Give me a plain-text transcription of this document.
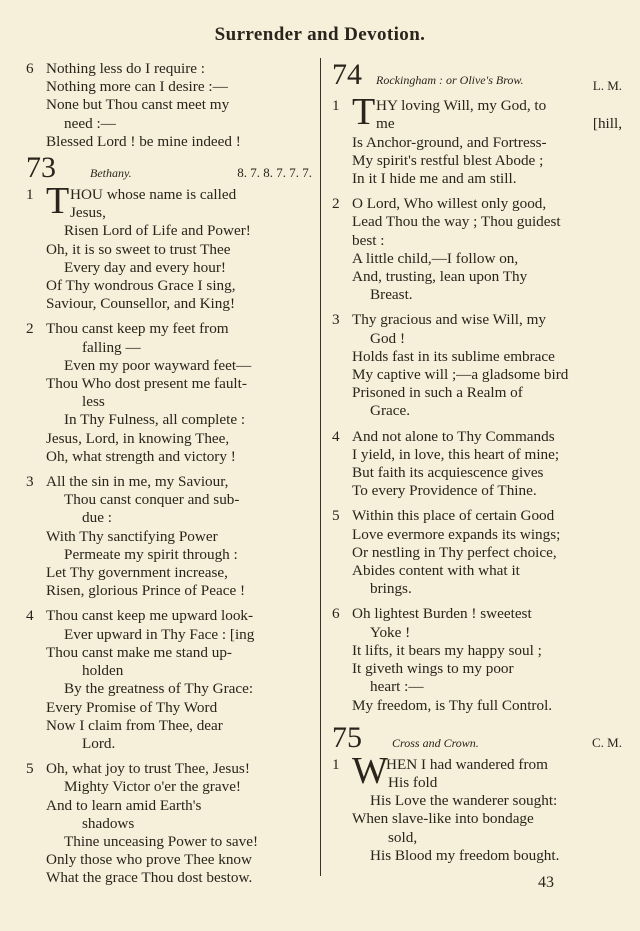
Surrender and Devotion.
6 Nothing less do I require :
Nothing more can I desire :—
None but Thou canst meet my
need :—
Blessed Lord ! be mine indeed !
73	Bethany.	8. 7. 8. 7. 7. 7.
1 T HOU whose name is called
Jesus,
Risen Lord of Life and Power!
Oh, it is so sweet to trust Thee
Every day and every hour!
Of Thy wondrous Grace I sing,
Saviour, Counsellor, and King!
2 Thou canst keep my feet from
falling —
Even my poor wayward feet—
Thou Who dost present me fault-
less
In Thy Fulness, all complete :
Jesus, Lord, in knowing Thee,
Oh, what strength and victory !
3 All the sin in me, my Saviour,
Thou canst conquer and sub-
due :
With Thy sanctifying Power
Permeate my spirit through :
Let Thy government increase,
Risen, glorious Prince of Peace !
4 Thou canst keep me upward look-
Ever upward in Thy Face : [ing
Thou canst make me stand up-
holden
By the greatness of Thy Grace:
Every Promise of Thy Word
Now I claim from Thee, dear
Lord.
5 Oh, what joy to trust Thee, Jesus!
Mighty Victor o'er the grave!
And to learn amid Earth's
shadows
Thine unceasing Power to save!
Only those who prove Thee know
What the grace Thou dost bestow.
74 Rockingham : or Olive's Brow.	L. M.
1 T HY loving Will, my God, to
me	[hill,
Is Anchor-ground, and Fortress-
My spirit's restful blest Abode ;
In it I hide me and am still.
2 O Lord, Who willest only good,
Lead Thou the way ; Thou guidest
best :
A little child,—I follow on,
And, trusting, lean upon Thy
Breast.
3 Thy gracious and wise Will, my
God !
Holds fast in its sublime embrace
My captive will ;—a gladsome bird
Prisoned in such a Realm of
Grace.
4 And not alone to Thy Commands
I yield, in love, this heart of mine;
But faith its acquiescence gives
To every Providence of Thine.
5 Within this place of certain Good
Love evermore expands its wings;
Or nestling in Thy perfect choice,
Abides content with what it
brings.
6 Oh lightest Burden ! sweetest
Yoke !
It lifts, it bears my happy soul ;
It giveth wings to my poor
heart :—
My freedom, is Thy full Control.
75	Cross and Crown.	C. M.
1 W
HEN I had wandered from
His fold
His Love the wanderer sought:
When slave-like into bondage
sold,
His Blood my freedom bought.
43
